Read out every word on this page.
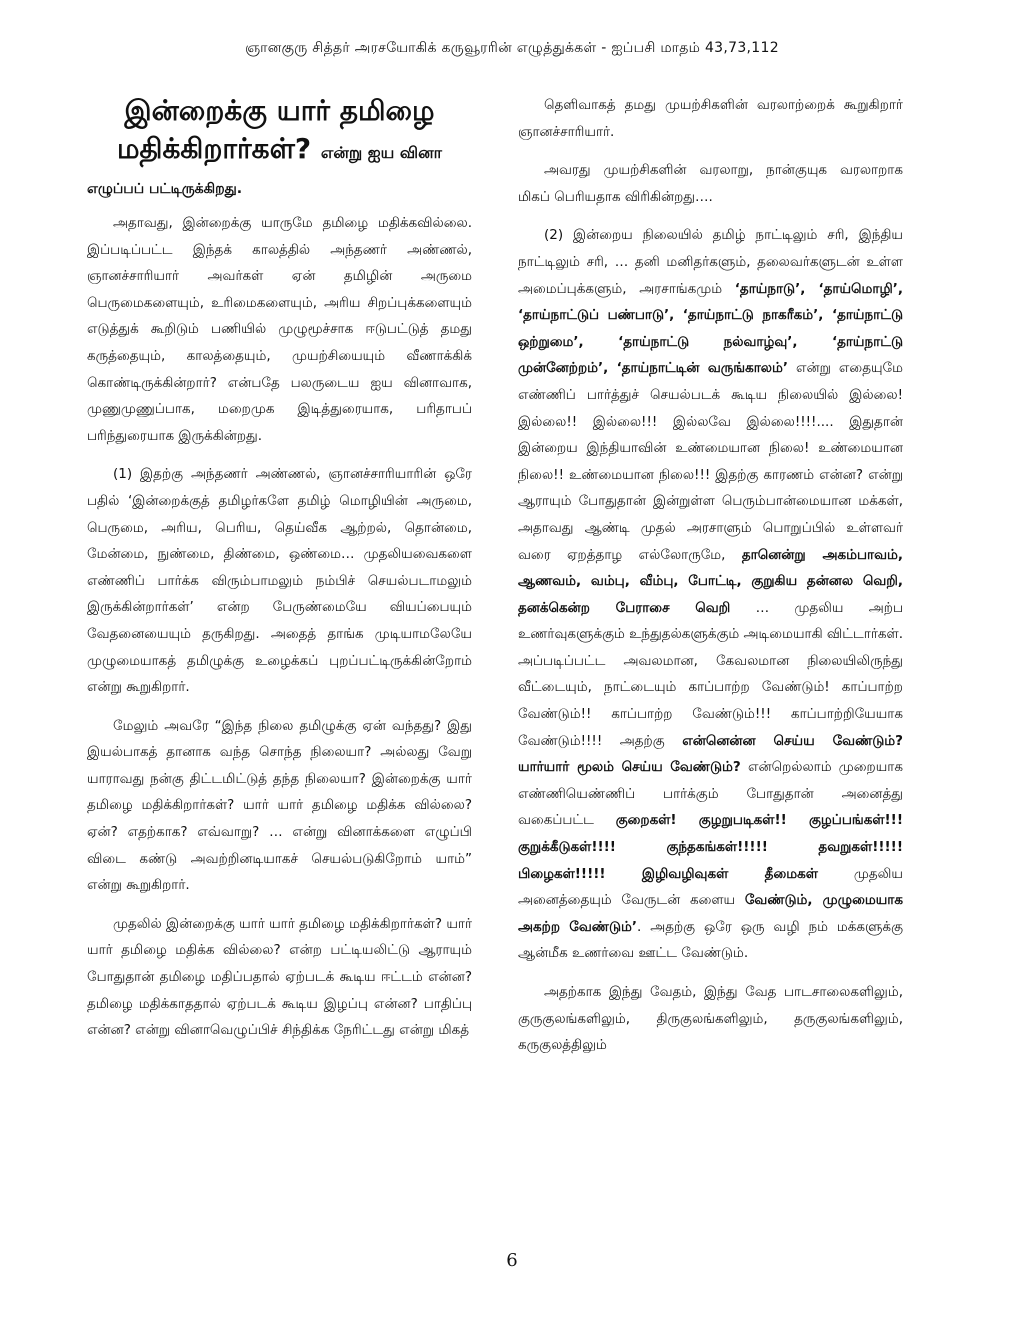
ஞானகுரு சித்தர் அரசயோகிக் கருவூரரின் எழுத்துக்கள் - ஐப்பசி மாதம் 43,73,112
இன்றைக்கு யார் தமிழை
மதிக்கிறார்கள்? என்று ஐய வினா
எழுப்பப் பட்டிருக்கிறது.

அதாவது, இன்றைக்கு யாருமே தமிழை மதிக்கவில்லை. இப்படிப்பட்ட இந்தக் காலத்தில் அந்தணர் அண்ணல், ஞானச்சாரியார் அவர்கள் ஏன் தமிழின் அருமை பெருமைகளையும், உரிமைகளையும், அரிய சிறப்புக்களையும் எடுத்துக் கூறிடும் பணியில் முழுமூச்சாக ஈடுபட்டுத் தமது கருத்தையும், காலத்தையும், முயற்சியையும் வீணாக்கிக் கொண்டிருக்கின்றார்? என்பதே பலருடைய ஐய வினாவாக, முணுமுணுப்பாக, மறைமுக இடித்துரையாக, பரிதாபப் பரிந்துரையாக இருக்கின்றது.

(1) இதற்கு அந்தணர் அண்ணல், ஞானச்சாரியாரின் ஒரே பதில் ‘இன்றைக்குத் தமிழர்களே தமிழ் மொழியின் அருமை, பெருமை, அரிய, பெரிய, தெய்வீக ஆற்றல், தொன்மை, மேன்மை, நுண்மை, திண்மை, ஒண்மை… முதலியவைகளை எண்ணிப் பார்க்க விரும்பாமலும் நம்பிச் செயல்படாமலும் இருக்கின்றார்கள்’ என்ற பேருண்மையே வியப்பையும் வேதனையையும் தருகிறது. அதைத் தாங்க முடியாமலேயே முழுமையாகத் தமிழுக்கு உழைக்கப் புறப்பட்டிருக்கின்றோம் என்று கூறுகிறார்.

மேலும் அவரே “இந்த நிலை தமிழுக்கு ஏன் வந்தது? இது இயல்பாகத் தானாக வந்த சொந்த நிலையா? அல்லது வேறு யாராவது நன்கு திட்டமிட்டுத் தந்த நிலையா? இன்றைக்கு யார் தமிழை மதிக்கிறார்கள்? யார் யார் தமிழை மதிக்க வில்லை? ஏன்? எதற்காக? எவ்வாறு? … என்று வினாக்களை எழுப்பி விடை கண்டு அவற்றினடியாகச் செயல்படுகிறோம் யாம்” என்று கூறுகிறார்.

முதலில் இன்றைக்கு யார் யார் தமிழை மதிக்கிறார்கள்? யார் யார் தமிழை மதிக்க வில்லை? என்ற பட்டியலிட்டு ஆராயும் போதுதான் தமிழை மதிப்பதால் ஏற்படக் கூடிய ஈட்டம் என்ன? தமிழை மதிக்காததால் ஏற்படக் கூடிய இழப்பு என்ன? பாதிப்பு என்ன? என்று வினாவெழுப்பிச் சிந்திக்க நேரிட்டது என்று மிகத்

தெளிவாகத் தமது முயற்சிகளின் வரலாற்றைக் கூறுகிறார் ஞானச்சாரியார்.

அவரது முயற்சிகளின் வரலாறு, நான்குயுக வரலாறாக மிகப் பெரியதாக விரிகின்றது….

(2) இன்றைய நிலையில் தமிழ் நாட்டிலும் சரி, இந்திய நாட்டிலும் சரி, … தனி மனிதர்களும், தலைவர்களுடன் உள்ள அமைப்புக்களும், அரசாங்கமும் ‘தாய்நாடு’, ‘தாய்மொழி’, ‘தாய்நாட்டுப் பண்பாடு’, ‘தாய்நாட்டு நாகரீகம்’, ‘தாய்நாட்டு ஒற்றுமை’, ‘தாய்நாட்டு நல்வாழ்வு’, ‘தாய்நாட்டு முன்னேற்றம்’, ‘தாய்நாட்டின் வருங்காலம்’ என்று எதையுமே எண்ணிப் பார்த்துச் செயல்படக் கூடிய நிலையில் இல்லை! இல்லை!! இல்லை!!! இல்லவே இல்லை!!!!.... இதுதான் இன்றைய இந்தியாவின் உண்மையான நிலை! உண்மையான நிலை!! உண்மையான நிலை!!! இதற்கு காரணம் என்ன? என்று ஆராயும் போதுதான் இன்றுள்ள பெரும்பான்மையான மக்கள், அதாவது ஆண்டி முதல் அரசாளும் பொறுப்பில் உள்ளவர் வரை ஏறத்தாழ எல்லோருமே, தானென்று அகம்பாவம், ஆணவம், வம்பு, வீம்பு, போட்டி, குறுகிய தன்னல வெறி, தனக்கென்ற பேராசை வெறி … முதலிய அற்ப உணர்வுகளுக்கும் உந்துதல்களுக்கும் அடிமையாகி விட்டார்கள். அப்படிப்பட்ட அவலமான, கேவலமான நிலையிலிருந்து வீட்டையும், நாட்டையும் காப்பாற்ற வேண்டும்! காப்பாற்ற வேண்டும்!! காப்பாற்ற வேண்டும்!!! காப்பாற்றியேயாக வேண்டும்!!!! அதற்கு என்னென்ன செய்ய வேண்டும்? யார்யார் மூலம் செய்ய வேண்டும்? என்றெல்லாம் முறையாக எண்ணியெண்ணிப் பார்க்கும் போதுதான் அனைத்து வகைப்பட்ட குறைகள்! குழறுபடிகள்!! குழப்பங்கள்!!! குறுக்கீடுகள்!!!! குந்தகங்கள்!!!!! தவறுகள்!!!!! பிழைகள்!!!!! இழிவழிவுகள் தீமைகள்	முதலிய அனைத்தையும் வேருடன் களைய வேண்டும், முழுமையாக அகற்ற வேண்டும்’. அதற்கு ஒரே ஒரு வழி நம் மக்களுக்கு ஆன்மீக உணர்வை ஊட்ட வேண்டும்.

அதற்காக இந்து வேதம், இந்து வேத பாடசாலைகளிலும், குருகுலங்களிலும், திருகுலங்களிலும், தருகுலங்களிலும், கருகுலத்திலும்

6
